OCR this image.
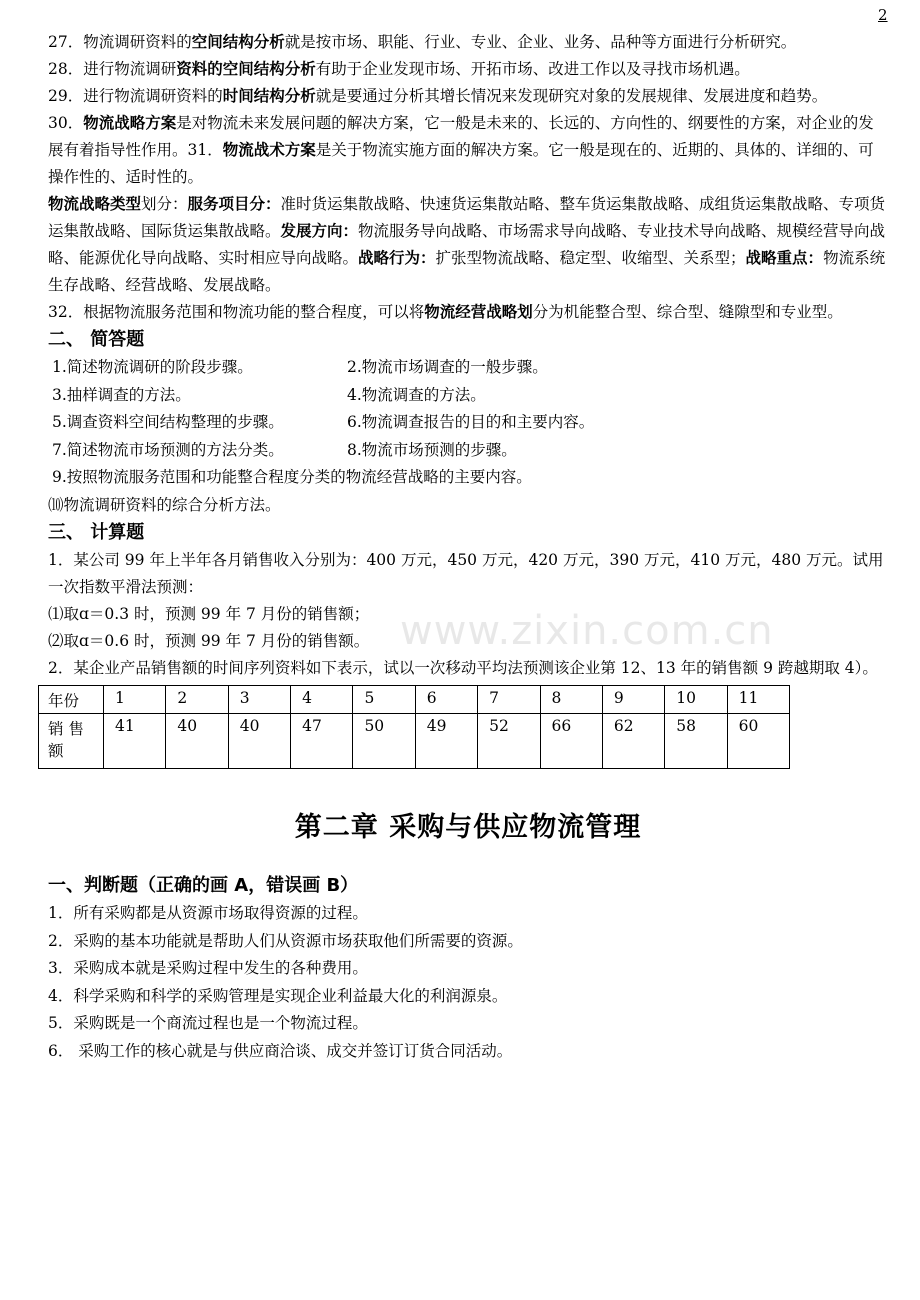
2
www.zixin.com.cn

27．物流调研资料的空间结构分析就是按市场、职能、行业、专业、企业、业务、品种等方面进行分析研究。

28．进行物流调研资料的空间结构分析有助于企业发现市场、开拓市场、改进工作以及寻找市场机遇。

29．进行物流调研资料的时间结构分析就是要通过分析其增长情况来发现研究对象的发展规律、发展进度和趋势。

30．物流战略方案是对物流未来发展问题的解决方案，它一般是未来的、长远的、方向性的、纲要性的方案，对企业的发展有着指导性作用。31．物流战术方案是关于物流实施方面的解决方案。它一般是现在的、近期的、具体的、详细的、可操作性的、适时性的。

物流战略类型划分：服务项目分：准时货运集散战略、快速货运集散站略、整车货运集散战略、成组货运集散战略、专项货运集散战略、国际货运集散战略。发展方向：物流服务导向战略、市场需求导向战略、专业技术导向战略、规模经营导向战略、能源优化导向战略、实时相应导向战略。战略行为：扩张型物流战略、稳定型、收缩型、关系型；战略重点：物流系统生存战略、经营战略、发展战略。

32．根据物流服务范围和物流功能的整合程度，可以将物流经营战略划分为机能整合型、综合型、缝隙型和专业型。

二、 简答题
1.简述物流调研的阶段步骤。	2.物流市场调查的一般步骤。
3.抽样调查的方法。	4.物流调查的方法。
5.调查资料空间结构整理的步骤。	6.物流调查报告的目的和主要内容。
7.简述物流市场预测的方法分类。	8.物流市场预测的步骤。
9.按照物流服务范围和功能整合程度分类的物流经营战略的主要内容。
⑽物流调研资料的综合分析方法。
三、 计算题

1．某公司 99 年上半年各月销售收入分别为：400 万元，450 万元，420 万元，390 万元，410 万元，480 万元。试用一次指数平滑法预测：

⑴取ɑ＝0.3 时，预测 99 年 7 月份的销售额；

⑵取ɑ＝0.6 时，预测 99 年 7 月份的销售额。

2．某企业产品销售额的时间序列资料如下表示，试以一次移动平均法预测该企业第 12、13 年的销售额 9 跨越期取 4）。

年份	1	2	3	4	5	6	7	8	9	10	11
销 售 额	41	40	40	47	50	49	52	66	62	58	60
第二章 采购与供应物流管理
一、判断题（正确的画 A，错误画 B）

1．所有采购都是从资源市场取得资源的过程。

2．采购的基本功能就是帮助人们从资源市场获取他们所需要的资源。

3．采购成本就是采购过程中发生的各种费用。

4．科学采购和科学的采购管理是实现企业利益最大化的利润源泉。

5．采购既是一个商流过程也是一个物流过程。

6． 采购工作的核心就是与供应商洽谈、成交并签订订货合同活动。
